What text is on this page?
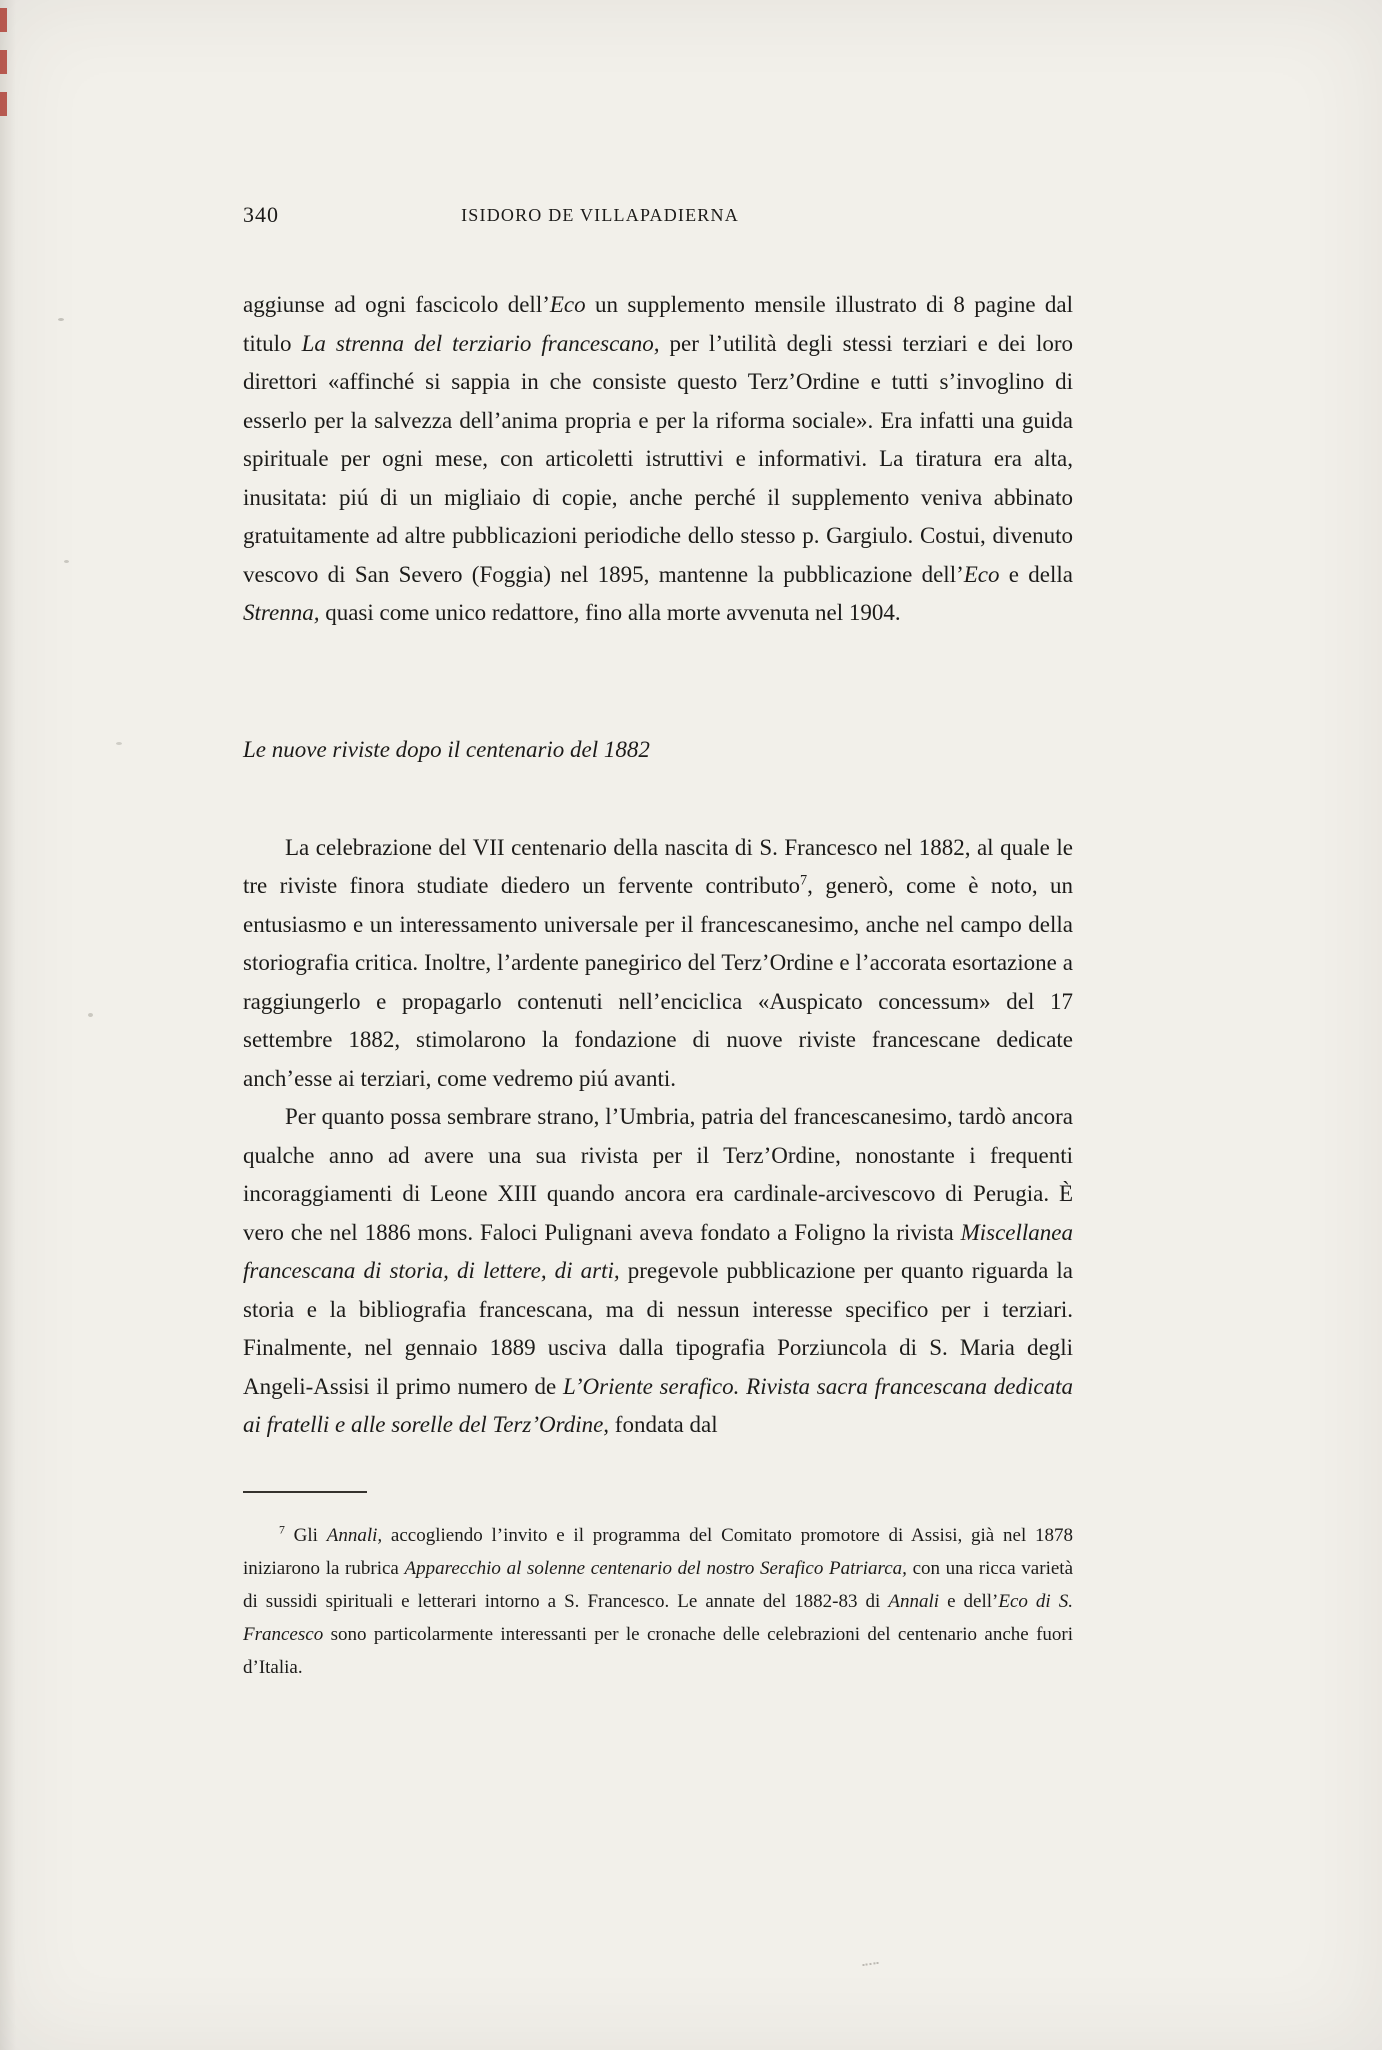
340	ISIDORO DE VILLAPADIERNA

aggiunse ad ogni fascicolo dell’Eco un supplemento mensile illustrato di 8 pagine dal titulo La strenna del terziario francescano, per l’utilità degli stessi terziari e dei loro direttori «affinché si sappia in che consiste questo Terz’Ordine e tutti s’invoglino di esserlo per la salvezza dell’anima propria e per la riforma sociale». Era infatti una guida spirituale per ogni mese, con articoletti istruttivi e informativi. La tiratura era alta, inusitata: piú di un migliaio di copie, anche perché il supplemento veniva abbinato gratuitamente ad altre pubblicazioni periodiche dello stesso p. Gargiulo. Costui, divenuto vescovo di San Severo (Foggia) nel 1895, mantenne la pubblicazione dell’Eco e della Strenna, quasi come unico redattore, fino alla morte avvenuta nel 1904.

Le nuove riviste dopo il centenario del 1882

La celebrazione del VII centenario della nascita di S. Francesco nel 1882, al quale le tre riviste finora studiate diedero un fervente contributo$^7$, generò, come è noto, un entusiasmo e un interessamento universale per il francescanesimo, anche nel campo della storiografia critica. Inoltre, l’ardente panegirico del Terz’Ordine e l’accorata esortazione a raggiungerlo e propagarlo contenuti nell’enciclica «Auspicato concessum» del 17 settembre 1882, stimolarono la fondazione di nuove riviste francescane dedicate anch’esse ai terziari, come vedremo piú avanti.

Per quanto possa sembrare strano, l’Umbria, patria del francescanesimo, tardò ancora qualche anno ad avere una sua rivista per il Terz’Ordine, nonostante i frequenti incoraggiamenti di Leone XIII quando ancora era cardinale-arcivescovo di Perugia. È vero che nel 1886 mons. Faloci Pulignani aveva fondato a Foligno la rivista Miscellanea francescana di storia, di lettere, di arti, pregevole pubblicazione per quanto riguarda la storia e la bibliografia francescana, ma di nessun interesse specifico per i terziari. Finalmente, nel gennaio 1889 usciva dalla tipografia Porziuncola di S. Maria degli Angeli-Assisi il primo numero de L’Oriente serafico. Rivista sacra francescana dedicata ai fratelli e alle sorelle del Terz’Ordine, fondata dal

$^7$ Gli Annali, accogliendo l’invito e il programma del Comitato promotore di Assisi, già nel 1878 iniziarono la rubrica Apparecchio al solenne centenario del nostro Serafico Patriarca, con una ricca varietà di sussidi spirituali e letterari intorno a S. Francesco. Le annate del 1882-83 di Annali e dell’Eco di S. Francesco sono particolarmente interessanti per le cronache delle celebrazioni del centenario anche fuori d’Italia.
